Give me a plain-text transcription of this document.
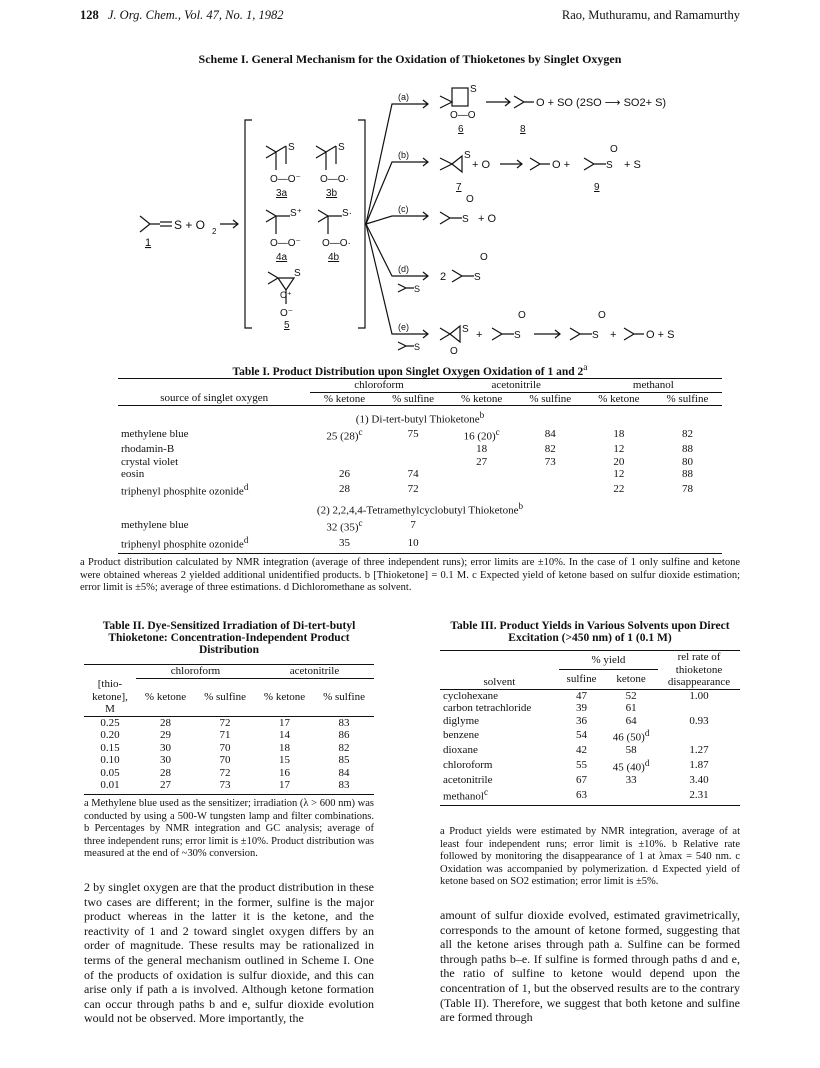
128 J. Org. Chem., Vol. 47, No. 1, 1982	Rao, Muthuramu, and Ramamurthy
Scheme I. General Mechanism for the Oxidation of Thioketones by Singlet Oxygen
S + O 2
1
S
O—O⁻
3a
S
O—O·
3b
S⁺
O—O⁻
4a
S·
O—O·
4b
S
O⁺
O⁻
5
(a)
(b)
(c)
(d)
(e)
S
S
S
O—O
6
O + SO (2SO ⟶ SO2+ S)
8
S
+ O
7
O +	S
O
+ S
9
S
O
+ O
2	S
O
S
O
+	S
O
S
O
+	O + S
Table I. Product Distribution upon Singlet Oxygen Oxidation of 1 and 2$^a$
	chloroform		acetonitrile		methanol	
source of singlet oxygen	% ketone	% sulfine	% ketone	% sulfine	% ketone	% sulfine
(1) Di-tert-butyl Thioketone$^b$
methylene blue	25 $(28)^c$	75	16 $(20)^c$	84	18	82
rhodamin-B			18	82	12	88
crystal violet			27	73	20	80
eosin	26	74			12	88
triphenyl phosphite ozonide$^d$	28	72			22	78
(2) 2,2,4,4-Tetramethylcyclobutyl Thioketone$^b$
methylene blue	32 $(35)^c$	7				
triphenyl phosphite ozonide$^d$	35	10				

a Product distribution calculated by NMR integration (average of three independent runs); error limits are ±10%. In the case of 1 only sulfine and ketone were obtained whereas 2 yielded additional unidentified products. b [Thioketone] = 0.1 M. c Expected yield of ketone based on sulfur dioxide estimation; error limit is ±5%; average of three estimations. d Dichloromethane as solvent.
Table II. Dye-Sensitized Irradiation of Di-tert-butyl Thioketone: Concentration-Independent Product Distribution
	chloroform		acetonitrile	
[thio-ketone], M	% ketone	% sulfine	% ketone	% sulfine
0.25	28	72	17	83
0.20	29	71	14	86
0.15	30	70	18	82
0.10	30	70	15	85
0.05	28	72	16	84
0.01	27	73	17	83

a Methylene blue used as the sensitizer; irradiation (λ > 600 nm) was conducted by using a 500-W tungsten lamp and filter combinations. b Percentages by NMR integration and GC analysis; average of three independent runs; error limit is ±10%. Product distribution was measured at the end of ~30% conversion.
Table III. Product Yields in Various Solvents upon Direct Excitation (>450 nm) of 1 (0.1 M)
solvent	% yield		rel rate of thioketone disappearance
	sulfine	ketone	
cyclohexane	47	52	1.00
carbon tetrachloride	39	61	
diglyme	36	64	0.93
benzene	54	46 $(50)^d$	
dioxane	42	58	1.27
chloroform	55	45 $(40)^d$	1.87
acetonitrile	67	33	3.40
methanol$^c$	63		2.31

a Product yields were estimated by NMR integration, average of at least four independent runs; error limit is ±10%. b Relative rate followed by monitoring the disappearance of 1 at λmax = 540 nm. c Oxidation was accompanied by polymerization. d Expected yield of ketone based on SO2 estimation; error limit is ±5%.
2 by singlet oxygen are that the product distribution in these two cases are different; in the former, sulfine is the major product whereas in the latter it is the ketone, and the reactivity of 1 and 2 toward singlet oxygen differs by an order of magnitude. These results may be rationalized in terms of the general mechanism outlined in Scheme I. One of the products of oxidation is sulfur dioxide, and this can arise only if path a is involved. Although ketone formation can occur through paths b and e, sulfur dioxide evolution would not be observed. More importantly, the
amount of sulfur dioxide evolved, estimated gravimetrically, corresponds to the amount of ketone formed, suggesting that all the ketone arises through path a. Sulfine can be formed through paths b–e. If sulfine is formed through paths d and e, the ratio of sulfine to ketone would depend upon the concentration of 1, but the observed results are to the contrary (Table II). Therefore, we suggest that both ketone and sulfine are formed through
